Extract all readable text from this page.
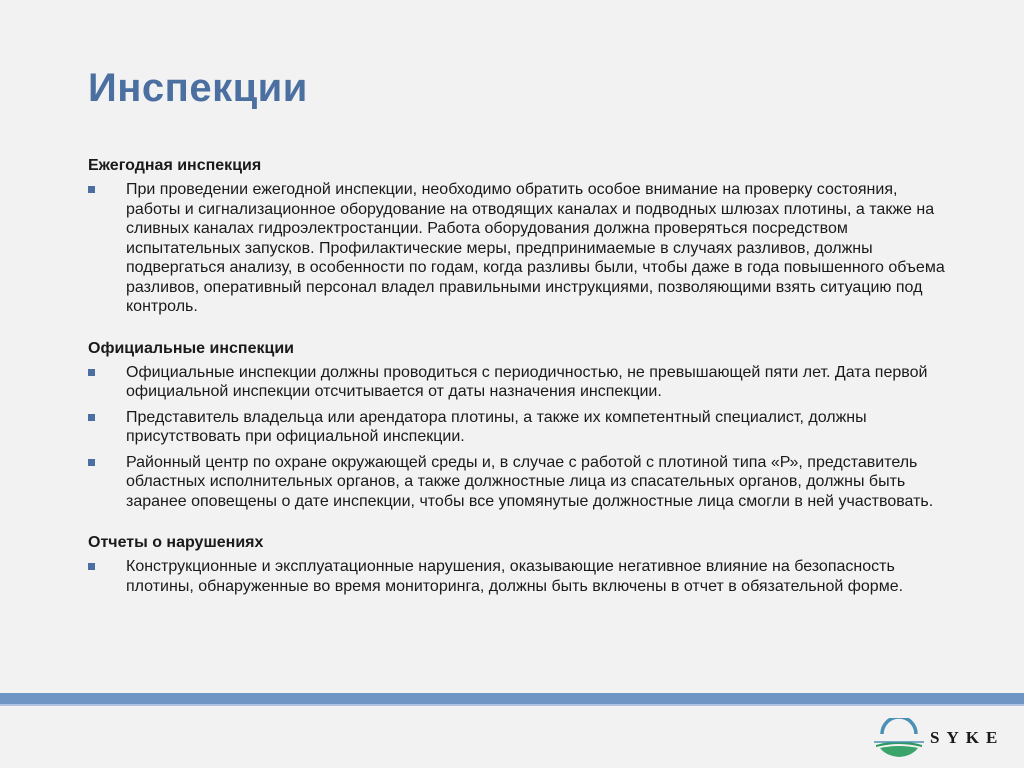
Инспекции
Ежегодная инспекция
При проведении ежегодной инспекции, необходимо обратить особое внимание на проверку состояния, работы и сигнализационное оборудование на отводящих каналах и подводных шлюзах плотины, а также на сливных каналах гидроэлектростанции. Работа оборудования должна проверяться посредством испытательных запусков. Профилактические меры, предпринимаемые в случаях разливов, должны подвергаться анализу, в особенности по годам, когда разливы были, чтобы даже в года повышенного объема разливов, оперативный персонал владел правильными инструкциями, позволяющими взять ситуацию под контроль.
Официальные инспекции
Официальные инспекции должны проводиться с периодичностью, не превышающей пяти лет. Дата первой официальной инспекции отсчитывается от даты назначения инспекции.
Представитель владельца или арендатора плотины, а также их компетентный специалист, должны присутствовать при официальной инспекции.
Районный центр по охране окружающей среды и, в случае с работой с плотиной типа «Р», представитель областных исполнительных органов, а также должностные лица из спасательных органов, должны быть заранее оповещены о дате инспекции, чтобы все упомянутые должностные лица смогли в ней участвовать.
Отчеты о нарушениях
Конструкционные и эксплуатационные нарушения, оказывающие негативное влияние на безопасность плотины, обнаруженные во время мониторинга, должны быть включены в отчет в обязательной форме.
SYKE
